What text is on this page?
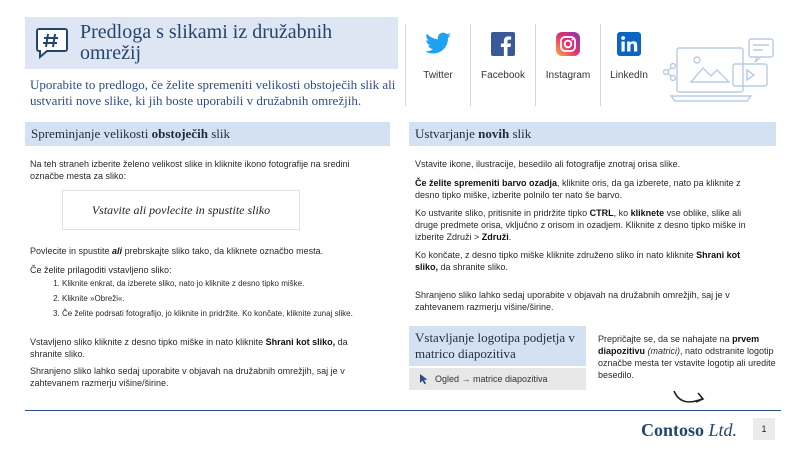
Predloga s slikami iz družabnih omrežij
Uporabite to predlogo, če želite spremeniti velikosti obstoječih slik ali ustvariti nove slike, ki jih boste uporabili v družabnih omrežjih.
Twitter	Facebook	Instagram	LinkedIn
Spreminjanje velikosti obstoječih slik
Na teh straneh izberite želeno velikost slike in kliknite ikono fotografije na sredini označbe mesta za sliko:
Vstavite ali povlecite in spustite sliko
Povlecite in spustite ali prebrskajte sliko tako, da kliknete označbo mesta.
Če želite prilagoditi vstavljeno sliko:
1. Kliknite enkrat, da izberete sliko, nato jo kliknite z desno tipko miške.
2. Kliknite »Obreži«.
3. Če želite podrsati fotografijo, jo kliknite in pridržite. Ko končate, kliknite zunaj slike.
Vstavljeno sliko kliknite z desno tipko miške in nato kliknite Shrani kot sliko, da shranite sliko.
Shranjeno sliko lahko sedaj uporabite v objavah na družabnih omrežjih, saj je v zahtevanem razmerju višine/širine.
Ustvarjanje novih slik
Vstavite ikone, ilustracije, besedilo ali fotografije znotraj orisa slike.
Če želite spremeniti barvo ozadja, kliknite oris, da ga izberete, nato pa kliknite z desno tipko miške, izberite polnilo ter nato še barvo.
Ko ustvarite sliko, pritisnite in pridržite tipko CTRL, ko kliknete vse oblike, slike ali druge predmete orisa, vključno z orisom in ozadjem. Kliknite z desno tipko miške in izberite Združi > Združi.
Ko končate, z desno tipko miške kliknite združeno sliko in nato kliknite Shrani kot sliko, da shranite sliko.
Shranjeno sliko lahko sedaj uporabite v objavah na družabnih omrežjih, saj je v zahtevanem razmerju višine/širine.
Vstavljanje logotipa podjetja v matrico diapozitiva
Ogled → matrice diapozitiva
Prepričajte se, da se nahajate na prvem diapozitivu (matrici), nato odstranite logotip označbe mesta ter vstavite logotip ali uredite besedilo.
Contoso Ltd.	1
